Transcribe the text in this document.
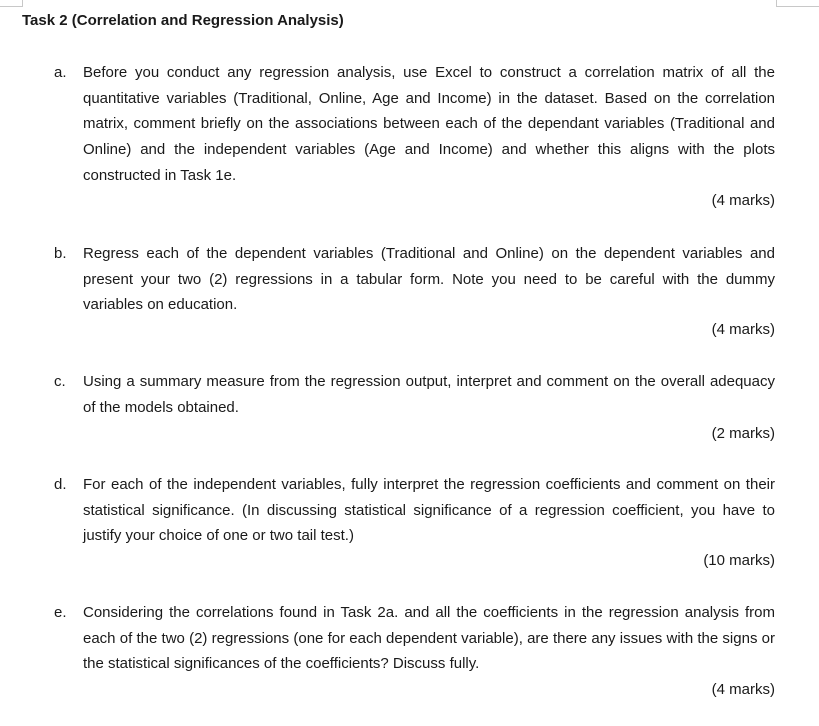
Task 2 (Correlation and Regression Analysis)
a. Before you conduct any regression analysis, use Excel to construct a correlation matrix of all the quantitative variables (Traditional, Online, Age and Income) in the dataset. Based on the correlation matrix, comment briefly on the associations between each of the dependant variables (Traditional and Online) and the independent variables (Age and Income) and whether this aligns with the plots constructed in Task 1e.
(4 marks)
b. Regress each of the dependent variables (Traditional and Online) on the dependent variables and present your two (2) regressions in a tabular form. Note you need to be careful with the dummy variables on education.
(4 marks)
c. Using a summary measure from the regression output, interpret and comment on the overall adequacy of the models obtained.
(2 marks)
d. For each of the independent variables, fully interpret the regression coefficients and comment on their statistical significance. (In discussing statistical significance of a regression coefficient, you have to justify your choice of one or two tail test.)
(10 marks)
e. Considering the correlations found in Task 2a. and all the coefficients in the regression analysis from each of the two (2) regressions (one for each dependent variable), are there any issues with the signs or the statistical significances of the coefficients? Discuss fully.
(4 marks)
